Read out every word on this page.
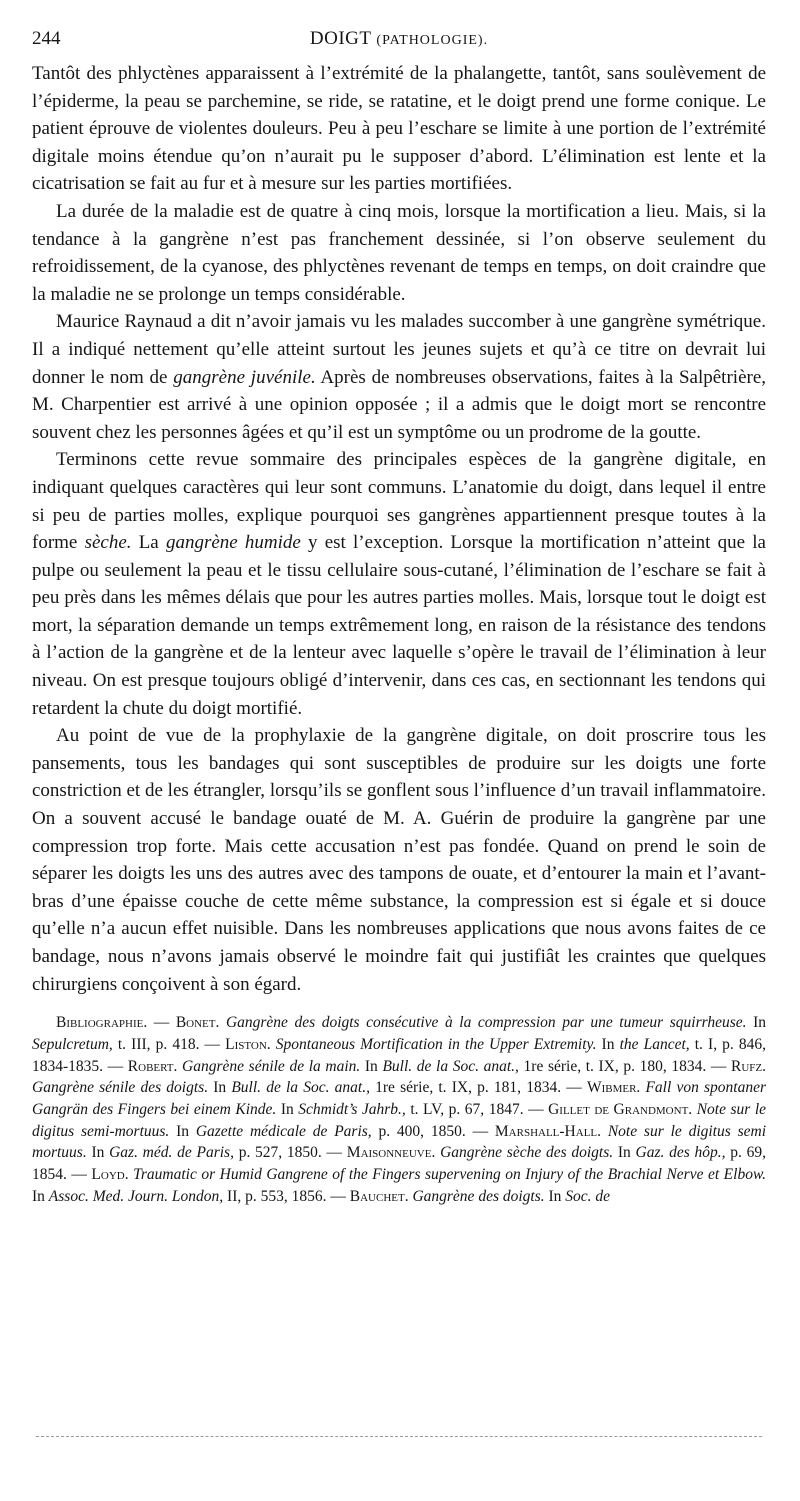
244	DOIGT (PATHOLOGIE).

Tantôt des phlyctènes apparaissent à l’extrémité de la phalangette, tantôt, sans soulèvement de l’épiderme, la peau se parchemine, se ride, se ratatine, et le doigt prend une forme conique. Le patient éprouve de violentes douleurs. Peu à peu l’eschare se limite à une portion de l’extrémité digitale moins étendue qu’on n’aurait pu le supposer d’abord. L’élimination est lente et la cicatrisation se fait au fur et à mesure sur les parties mortifiées.

La durée de la maladie est de quatre à cinq mois, lorsque la mortification a lieu. Mais, si la tendance à la gangrène n’est pas franchement dessinée, si l’on observe seulement du refroidissement, de la cyanose, des phlyctènes revenant de temps en temps, on doit craindre que la maladie ne se prolonge un temps considérable.

Maurice Raynaud a dit n’avoir jamais vu les malades succomber à une gangrène symétrique. Il a indiqué nettement qu’elle atteint surtout les jeunes sujets et qu’à ce titre on devrait lui donner le nom de gangrène juvénile. Après de nombreuses observations, faites à la Salpêtrière, M. Charpentier est arrivé à une opinion opposée ; il a admis que le doigt mort se rencontre souvent chez les personnes âgées et qu’il est un symptôme ou un prodrome de la goutte.

Terminons cette revue sommaire des principales espèces de la gangrène digitale, en indiquant quelques caractères qui leur sont communs. L’anatomie du doigt, dans lequel il entre si peu de parties molles, explique pourquoi ses gangrènes appartiennent presque toutes à la forme sèche. La gangrène humide y est l’exception. Lorsque la mortification n’atteint que la pulpe ou seulement la peau et le tissu cellulaire sous-cutané, l’élimination de l’eschare se fait à peu près dans les mêmes délais que pour les autres parties molles. Mais, lorsque tout le doigt est mort, la séparation demande un temps extrêmement long, en raison de la résistance des tendons à l’action de la gangrène et de la lenteur avec laquelle s’opère le travail de l’élimination à leur niveau. On est presque toujours obligé d’intervenir, dans ces cas, en sectionnant les tendons qui retardent la chute du doigt mortifié.

Au point de vue de la prophylaxie de la gangrène digitale, on doit proscrire tous les pansements, tous les bandages qui sont susceptibles de produire sur les doigts une forte constriction et de les étrangler, lorsqu’ils se gonflent sous l’influence d’un travail inflammatoire. On a souvent accusé le bandage ouaté de M. A. Guérin de produire la gangrène par une compression trop forte. Mais cette accusation n’est pas fondée. Quand on prend le soin de séparer les doigts les uns des autres avec des tampons de ouate, et d’entourer la main et l’avant-bras d’une épaisse couche de cette même substance, la compression est si égale et si douce qu’elle n’a aucun effet nuisible. Dans les nombreuses applications que nous avons faites de ce bandage, nous n’avons jamais observé le moindre fait qui justifiât les craintes que quelques chirurgiens conçoivent à son égard.

Bibliographie. — Bonet. Gangrène des doigts consécutive à la compression par une tumeur squirrheuse. In Sepulcretum, t. III, p. 418. — Liston. Spontaneous Mortification in the Upper Extremity. In the Lancet, t. I, p. 846, 1834-1835. — Robert. Gangrène sénile de la main. In Bull. de la Soc. anat., 1re série, t. IX, p. 180, 1834. — Rufz. Gangrène sénile des doigts. In Bull. de la Soc. anat., 1re série, t. IX, p. 181, 1834. — Wibmer. Fall von spontaner Gangrän des Fingers bei einem Kinde. In Schmidt’s Jahrb., t. LV, p. 67, 1847. — Gillet de Grandmont. Note sur le digitus semi-mortuus. In Gazette médicale de Paris, p. 400, 1850. — Marshall-Hall. Note sur le digitus semi mortuus. In Gaz. méd. de Paris, p. 527, 1850. — Maisonneuve. Gangrène sèche des doigts. In Gaz. des hôp., p. 69, 1854. — Loyd. Traumatic or Humid Gangrene of the Fingers supervening on Injury of the Brachial Nerve et Elbow. In Assoc. Med. Journ. London, II, p. 553, 1856. — Bauchet. Gangrène des doigts. In Soc. de
